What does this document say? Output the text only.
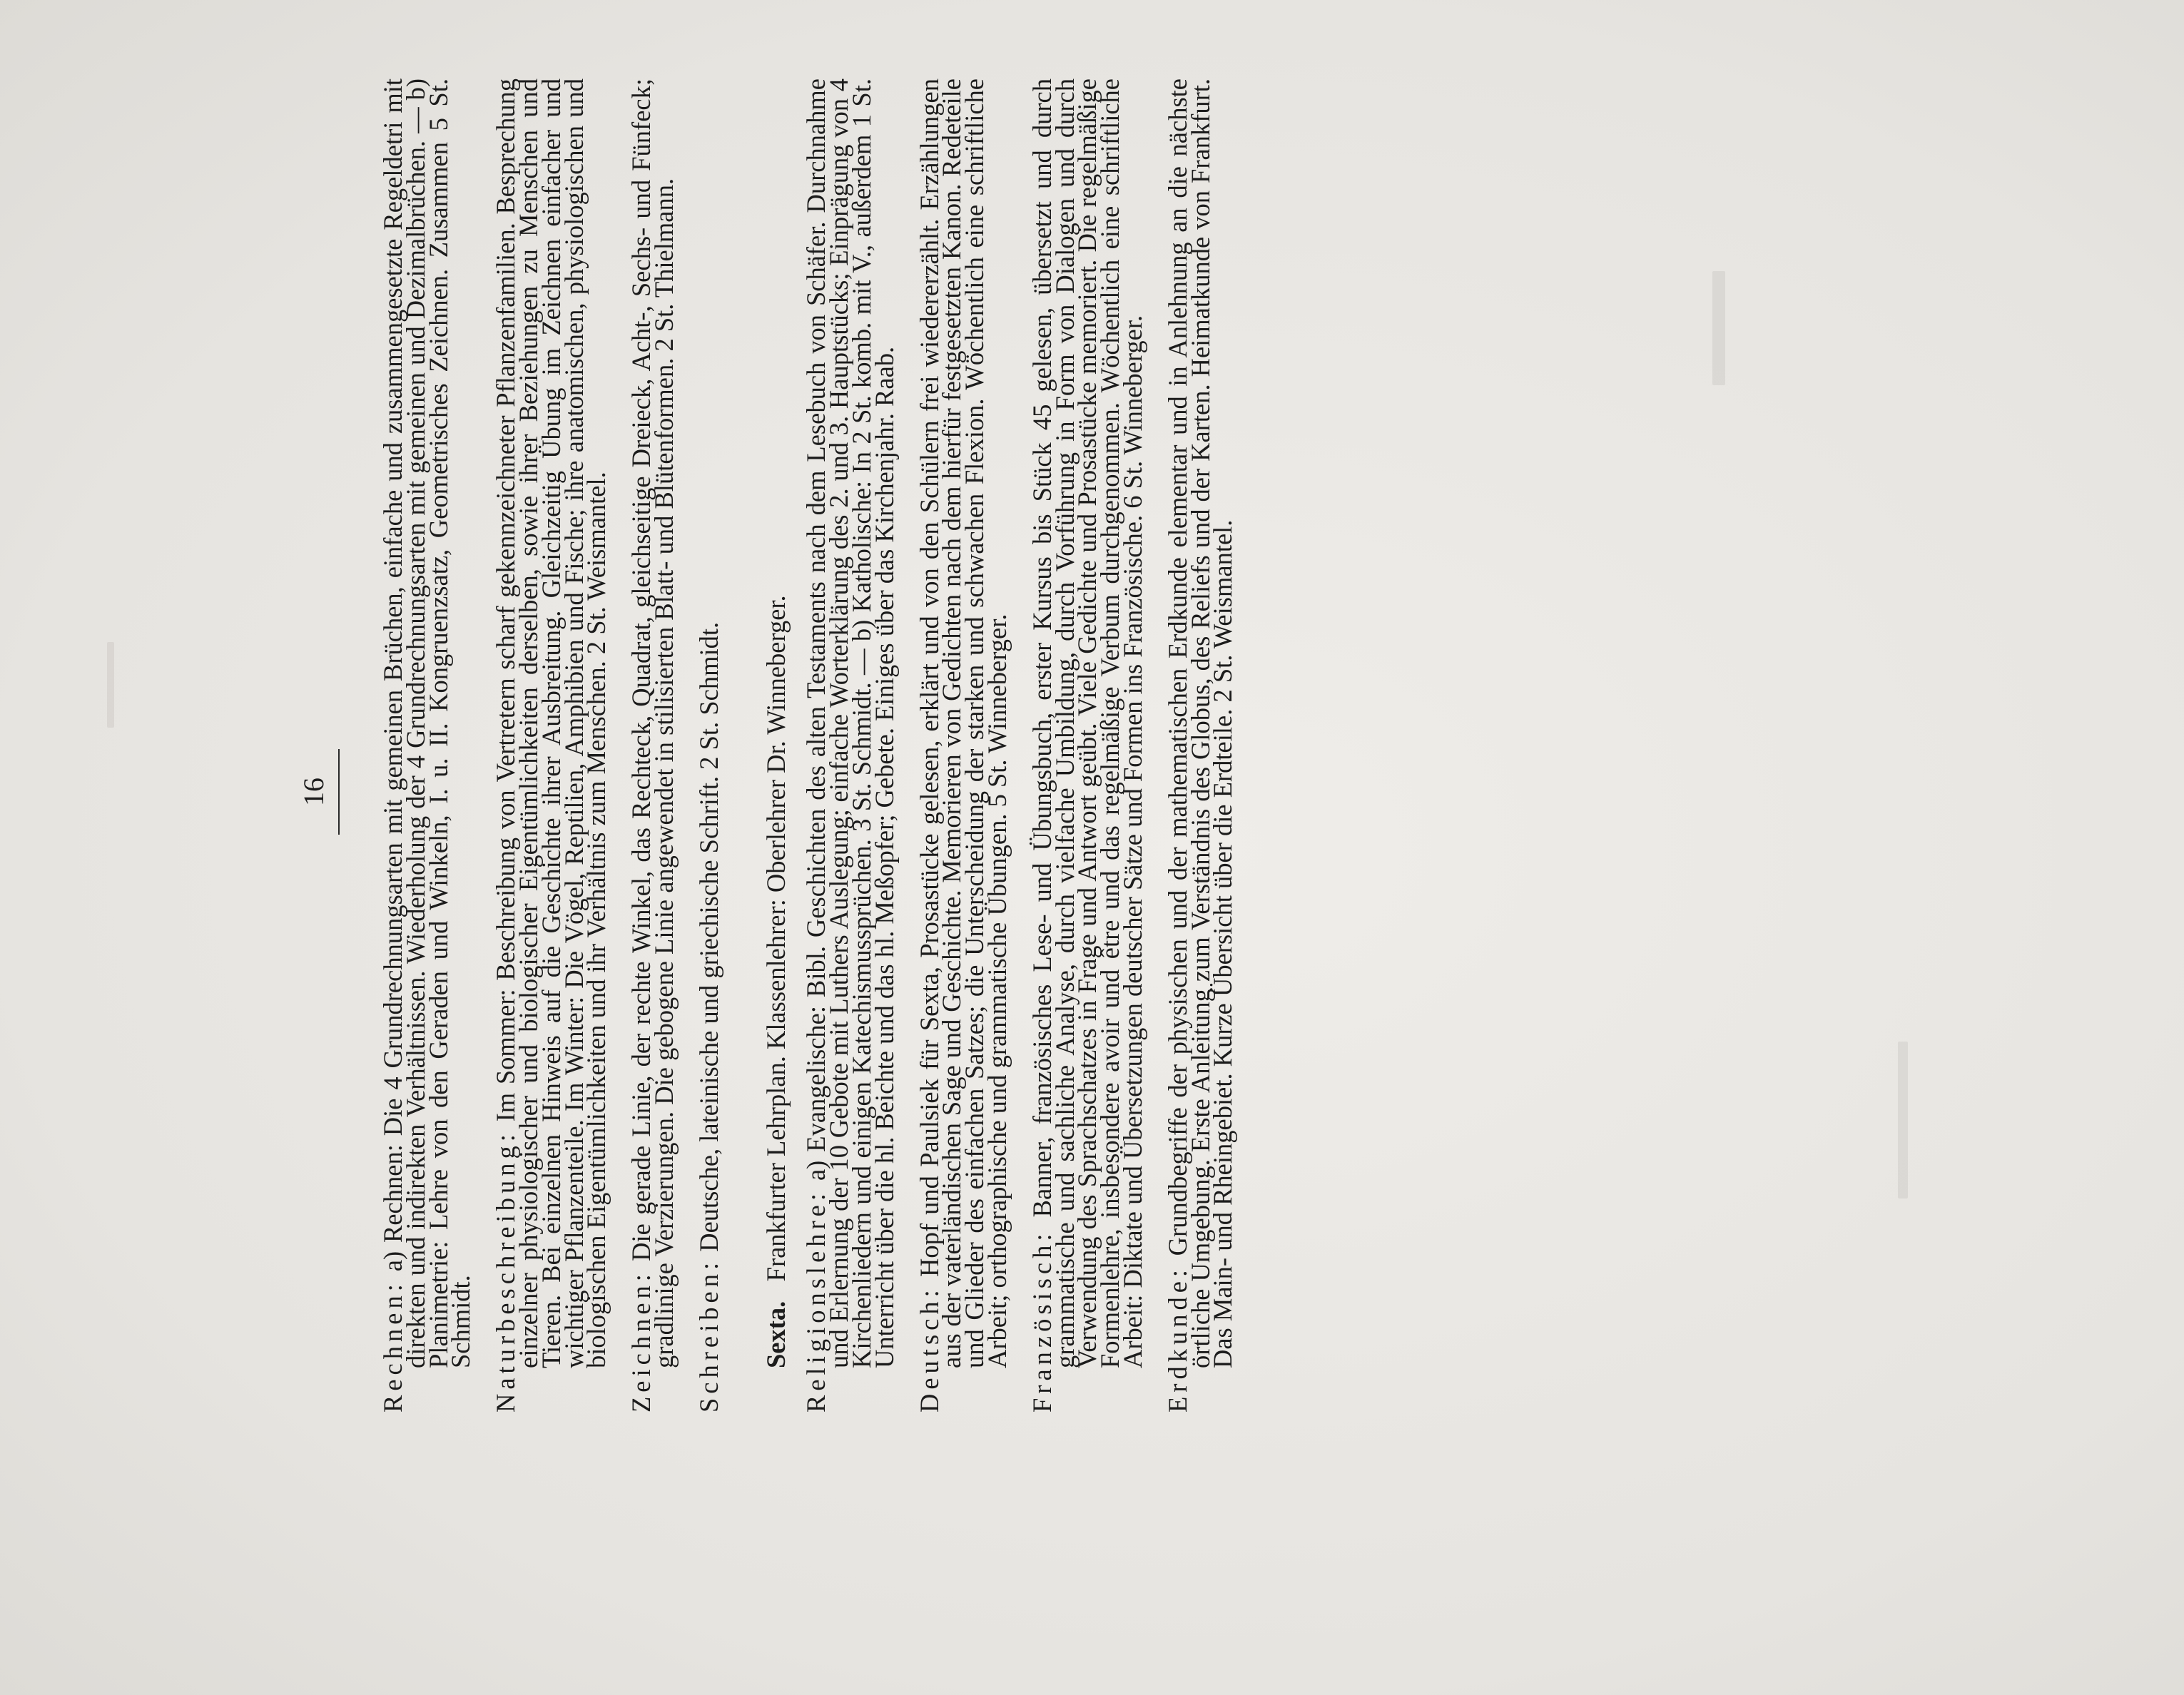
16

Rechnen: a) Rechnen: Die 4 Grundrechnungsarten mit gemeinen Brüchen, einfache und zusammengesetzte Regeldetri mit direkten und indirekten Verhältnissen. Wiederholung der 4 Grundrechnungsarten mit gemeinen und Dezimalbrüchen. — b) Planimetrie: Lehre von den Geraden und Winkeln, I. u. II. Kongruenzsatz, Geometrisches Zeichnen. Zusammen 5 St. Schmidt. Naturbeschreibung: Im Sommer: Beschreibung von Vertretern scharf gekennzeichneter Pflanzenfamilien. Besprechung einzelner physiologischer und biologischer Eigentümlichkeiten derselben, sowie ihrer Beziehungen zu Menschen und Tieren. Bei einzelnen Hinweis auf die Geschichte ihrer Ausbreitung. Gleichzeitig Übung im Zeichnen einfacher und wichtiger Pflanzenteile. Im Winter: Die Vögel, Reptilien, Amphibien und Fische; ihre anatomischen, physiologischen und biologischen Eigentümlichkeiten und ihr Verhältnis zum Menschen. 2 St. Weismantel. Zeichnen: Die gerade Linie, der rechte Winkel, das Rechteck, Quadrat, gleichseitige Dreieck, Acht-, Sechs- und Fünfeck; gradlinige Verzierungen. Die gebogene Linie angewendet in stilisierten Blatt- und Blütenformen. 2 St. Thielmann. Schreiben: Deutsche, lateinische und griechische Schrift. 2 St. Schmidt.

Sexta.   Frankfurter Lehrplan. Klassenlehrer: Oberlehrer Dr. Winneberger.

Religionslehre: a) Evangelische: Bibl. Geschichten des alten Testaments nach dem Lesebuch von Schäfer. Durchnahme und Erlernung der 10 Gebote mit Luthers Auslegung; einfache Worterklärung des 2. und 3. Hauptstücks; Einprägung von 4 Kirchenliedern und einigen Katechismussprüchen. 3 St. Schmidt. — b) Katholische: In 2 St. komb. mit V., außerdem 1 St. Unterricht über die hl. Beichte und das hl. Meßopfer; Gebete. Einiges über das Kirchenjahr. Raab. Deutsch: Hopf und Paulsiek für Sexta, Prosastücke gelesen, erklärt und von den Schülern frei wiedererzählt. Erzählungen aus der vaterländischen Sage und Geschichte. Memorieren von Gedichten nach dem hierfür festgesetzten Kanon. Redeteile und Glieder des einfachen Satzes; die Unterscheidung der starken und schwachen Flexion. Wöchentlich eine schriftliche Arbeit; orthographische und grammatische Übungen. 5 St. Winneberger. Französisch: Banner, französisches Lese- und Übungsbuch, erster Kursus bis Stück 45 gelesen, übersetzt und durch grammatische und sachliche Analyse, durch vielfache Umbildung, durch Vorführung in Form von Dialogen und durch Verwendung des Sprachschatzes in Frage und Antwort geübt. Viele Gedichte und Prosastücke memoriert. Die regelmäßige Formenlehre, insbesondere avoir und être und das regelmäßige Verbum durchgenommen. Wöchentlich eine schriftliche Arbeit: Diktate und Übersetzungen deutscher Sätze und Formen ins Französische. 6 St. Winneberger. Erdkunde: Grundbegriffe der physischen und der mathematischen Erdkunde elementar und in Anlehnung an die nächste örtliche Umgebung. Erste Anleitung zum Verständnis des Globus, des Reliefs und der Karten. Heimatkunde von Frankfurt. Das Main- und Rheingebiet. Kurze Übersicht über die Erdteile. 2 St. Weismantel.
